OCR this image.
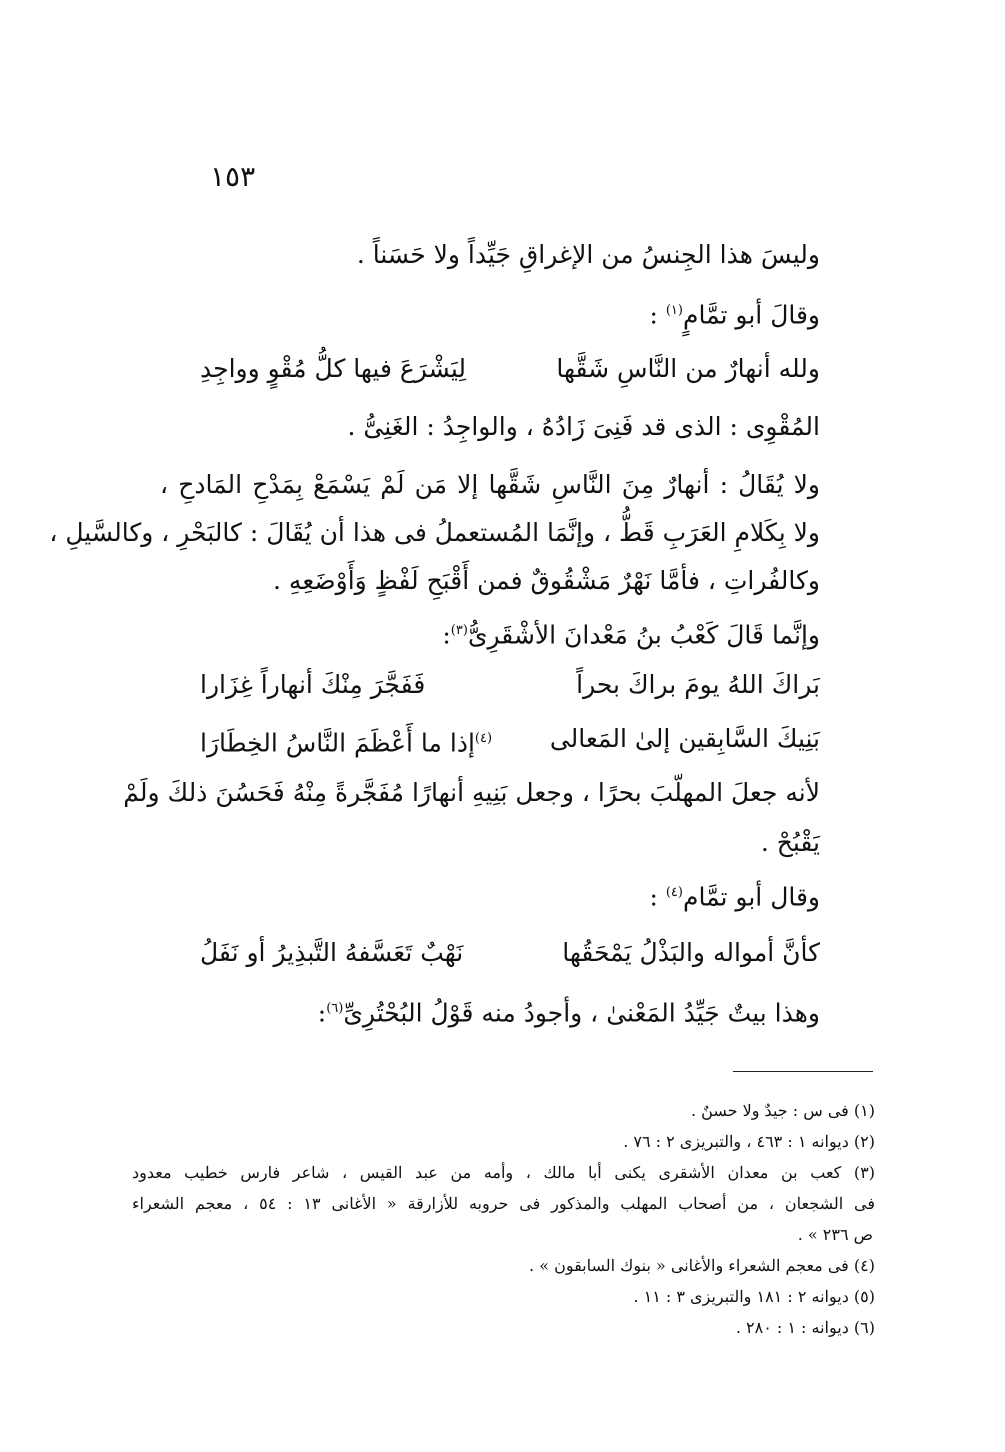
١٥٣
وليسَ هذا الجِنسُ من الإغراقِ جَيِّداً ولا حَسَناً .
وقالَ أبو تمَّامٍ$^{(١)}$ :
ولله أنهارٌ من النَّاسِ شَقَّها
لِيَشْرَعَ فيها كلُّ مُقْوٍ وواجِدِ
المُقْوِى : الذى قد فَنِىَ زَادُهُ ، والواجِدُ : الغَنِىُّ .
ولا يُقَالُ : أنهارٌ مِنَ النَّاسِ شَقَّها إلا مَن لَمْ يَسْمَعْ بِمَدْحِ المَادحِ ،
ولا بِكَلامِ العَرَبِ قَطُّ ، وإنَّمَا المُستعملُ فى هذا أن يُقَالَ : كالبَحْرِ ، وكالسَّيلِ ،
وكالفُراتِ ، فأمَّا نَهْرٌ مَشْقُوقٌ فمن أَقْبَحِ لَفْظٍ وَأَوْضَعِهِ .
وإنَّما قَالَ كَعْبُ بنُ مَعْدانَ الأشْقَرِىُّ$^{(٣)}$:
بَراكَ اللهُ يومَ براكَ بحراً
فَفَجَّرَ مِنْكَ أنهاراً غِزَارا
بَنِيكَ السَّابِقين إلىٰ المَعالى
$^{(٤)}$إذا ما أَعْظَمَ النَّاسُ الخِطَارَا
لأنه جعلَ المهلّبَ بحرًا ، وجعل بَنِيهِ أنهارًا مُفَجَّرةً مِنْهُ فَحَسُنَ ذلكَ ولَمْ
يَقْبُحْ .
وقال أبو تمَّام$^{(٤)}$ :
كأنَّ أمواله والبَذْلُ يَمْحَقُها
نَهْبٌ تَعَسَّفهُ التَّبذِيرُ أو نَفَلُ
وهذا بيتٌ جَيِّدُ المَعْنىٰ ، وأجودُ منه قَوْلُ البُحْتُرِىِّ$^{(٦)}$:
(١) فى س : جيدٌ ولا حسنٌ .
(٢) ديوانه ١ : ٤٦٣ ، والتبريزى ٢ : ٧٦ .
(٣) كعب بن معدان الأشقرى يكنى أبا مالك ، وأمه من عبد القيس ، شاعر فارس خطيب معدود
فى الشجعان ، من أصحاب المهلب والمذكور فى حروبه للأزارقة « الأغانى ١٣ : ٥٤ ، معجم الشعراء
ص ٢٣٦ » .
(٤) فى معجم الشعراء والأغانى « بنوك السابقون » .
(٥) ديوانه ٢ : ١٨١ والتبريزى ٣ : ١١ .
(٦) ديوانه : ١ : ٢٨٠ .
